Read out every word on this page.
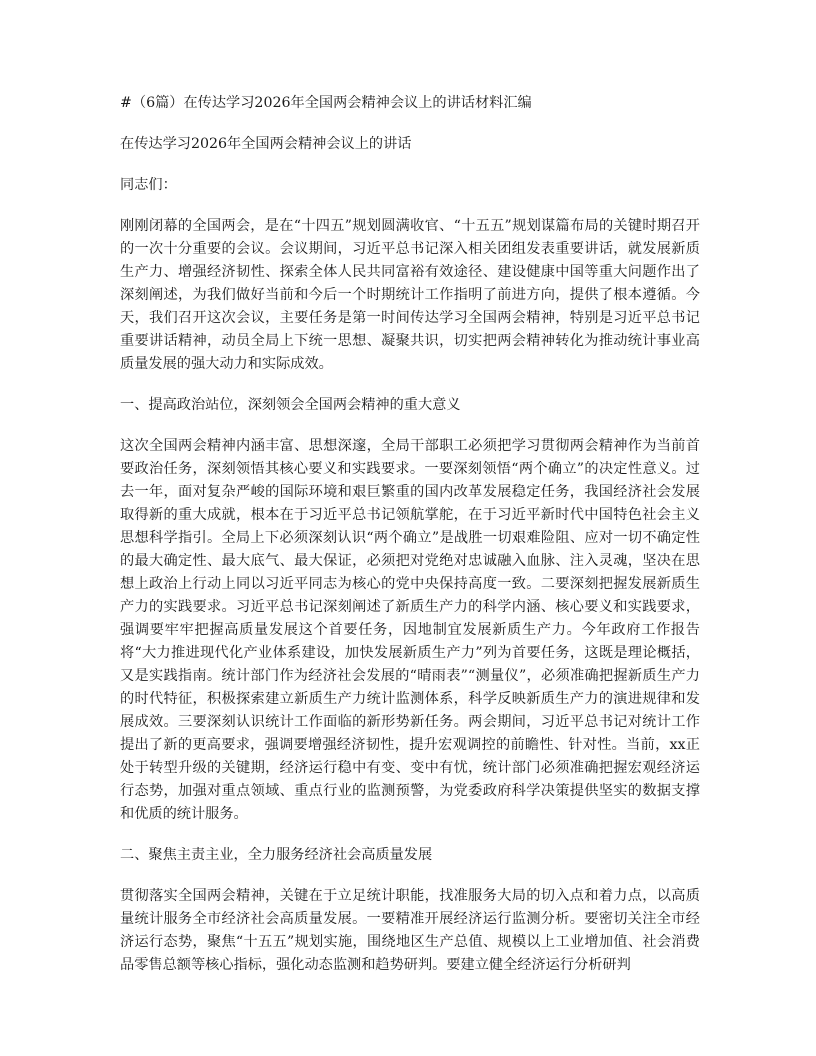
#（6篇）在传达学习2026年全国两会精神会议上的讲话材料汇编

在传达学习2026年全国两会精神会议上的讲话

同志们：

刚刚闭幕的全国两会，是在“十四五”规划圆满收官、“十五五”规划谋篇布局的关键时期召开的一次十分重要的会议。会议期间，习近平总书记深入相关团组发表重要讲话，就发展新质生产力、增强经济韧性、探索全体人民共同富裕有效途径、建设健康中国等重大问题作出了深刻阐述，为我们做好当前和今后一个时期统计工作指明了前进方向，提供了根本遵循。今天，我们召开这次会议，主要任务是第一时间传达学习全国两会精神，特别是习近平总书记重要讲话精神，动员全局上下统一思想、凝聚共识，切实把两会精神转化为推动统计事业高质量发展的强大动力和实际成效。

一、提高政治站位，深刻领会全国两会精神的重大意义

这次全国两会精神内涵丰富、思想深邃，全局干部职工必须把学习贯彻两会精神作为当前首要政治任务，深刻领悟其核心要义和实践要求。一要深刻领悟“两个确立”的决定性意义。过去一年，面对复杂严峻的国际环境和艰巨繁重的国内改革发展稳定任务，我国经济社会发展取得新的重大成就，根本在于习近平总书记领航掌舵，在于习近平新时代中国特色社会主义思想科学指引。全局上下必须深刻认识“两个确立”是战胜一切艰难险阻、应对一切不确定性的最大确定性、最大底气、最大保证，必须把对党绝对忠诚融入血脉、注入灵魂，坚决在思想上政治上行动上同以习近平同志为核心的党中央保持高度一致。二要深刻把握发展新质生产力的实践要求。习近平总书记深刻阐述了新质生产力的科学内涵、核心要义和实践要求，强调要牢牢把握高质量发展这个首要任务，因地制宜发展新质生产力。今年政府工作报告将“大力推进现代化产业体系建设，加快发展新质生产力”列为首要任务，这既是理论概括，又是实践指南。统计部门作为经济社会发展的“晴雨表”“测量仪”，必须准确把握新质生产力的时代特征，积极探索建立新质生产力统计监测体系，科学反映新质生产力的演进规律和发展成效。三要深刻认识统计工作面临的新形势新任务。两会期间，习近平总书记对统计工作提出了新的更高要求，强调要增强经济韧性，提升宏观调控的前瞻性、针对性。当前，xx正处于转型升级的关键期，经济运行稳中有变、变中有忧，统计部门必须准确把握宏观经济运行态势，加强对重点领域、重点行业的监测预警，为党委政府科学决策提供坚实的数据支撑和优质的统计服务。

二、聚焦主责主业，全力服务经济社会高质量发展

贯彻落实全国两会精神，关键在于立足统计职能，找准服务大局的切入点和着力点，以高质量统计服务全市经济社会高质量发展。一要精准开展经济运行监测分析。要密切关注全市经济运行态势，聚焦“十五五”规划实施，围绕地区生产总值、规模以上工业增加值、社会消费品零售总额等核心指标，强化动态监测和趋势研判。要建立健全经济运行分析研判
